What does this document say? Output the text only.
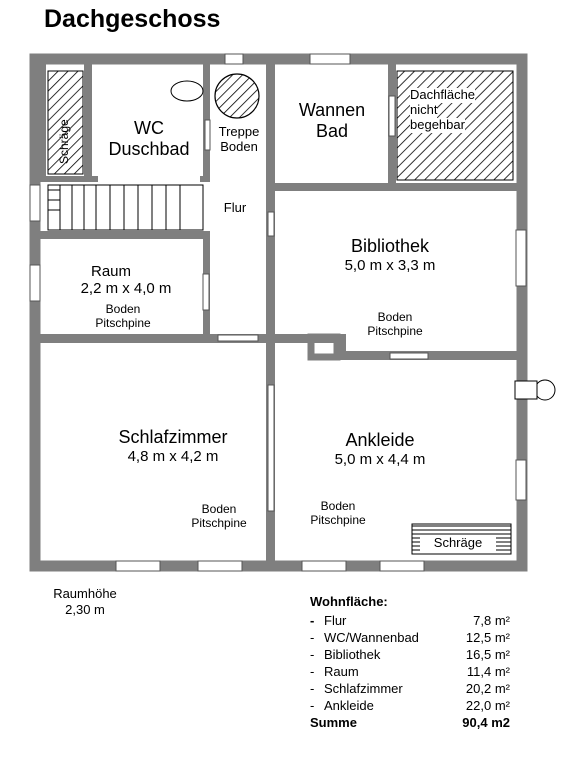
Dachgeschoss
Schräge	WC
Duschbad
Treppe
Boden
Wannen
Bad
Dachfläche
nicht
begehbar
Flur
Bibliothek
5,0 m x 3,3 m
Boden
Pitschpine
Raum
2,2 m x 4,0 m
Boden
Pitschpine
Schlafzimmer
4,8 m x 4,2 m
Boden
Pitschpine
Ankleide
5,0 m x 4,4 m
Boden
Pitschpine
Schräge
Raumhöhe
2,30 m
Wohnfläche:
- Flur	7,8 m²
- WC/Wannenbad	12,5 m²
- Bibliothek	16,5 m²
- Raum	11,4 m²
- Schlafzimmer	20,2 m²
- Ankleide	22,0 m²
Summe	90,4 m2
